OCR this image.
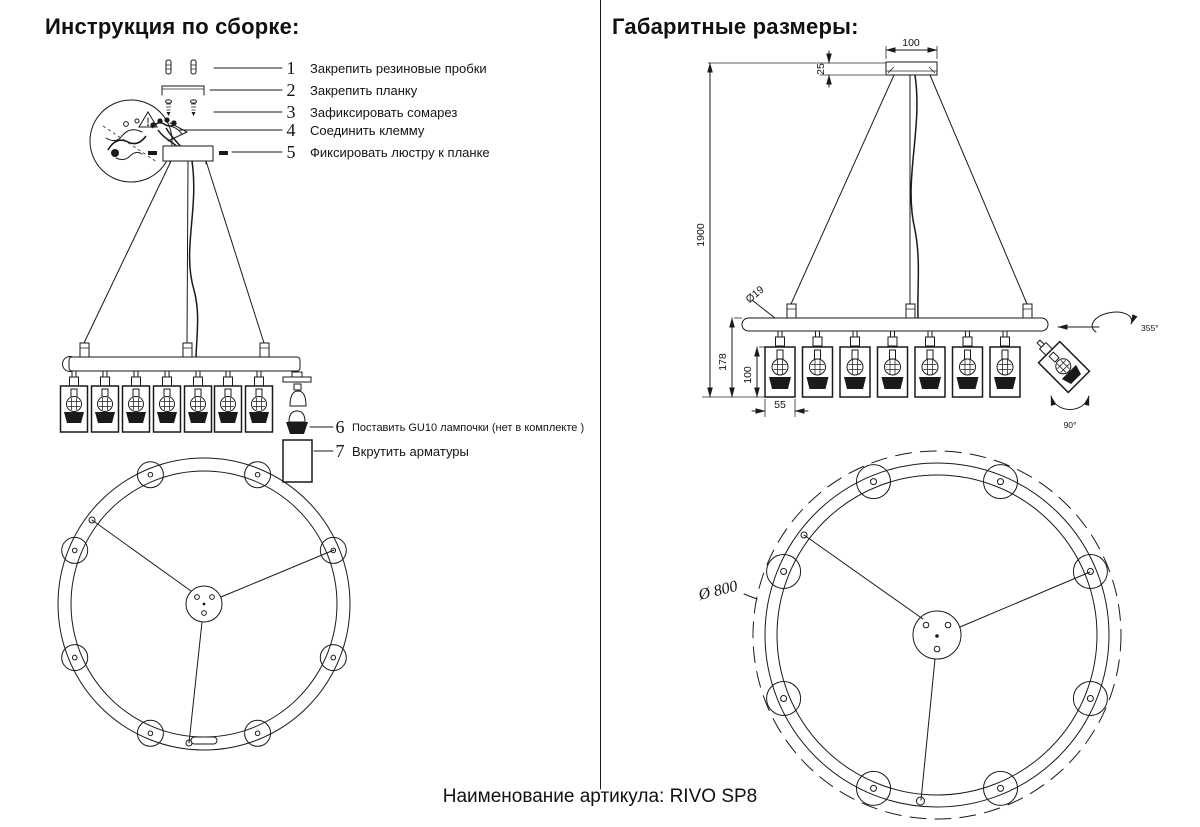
Инструкция по сборке:	Габаритные размеры:
1
2
3
4
5
Закрепить резиновые пробки
Закрепить планку
Зафиксировать сомарез
Соединить клемму
Фиксировать люстру к планке
6
7
Поставить GU10 лампочки (нет в комплекте )
Вкрутить арматуры
100
25
1900
Ø19
178
100
55
355°
90°
Ø 800
Наименование артикула: RIVO SP8
